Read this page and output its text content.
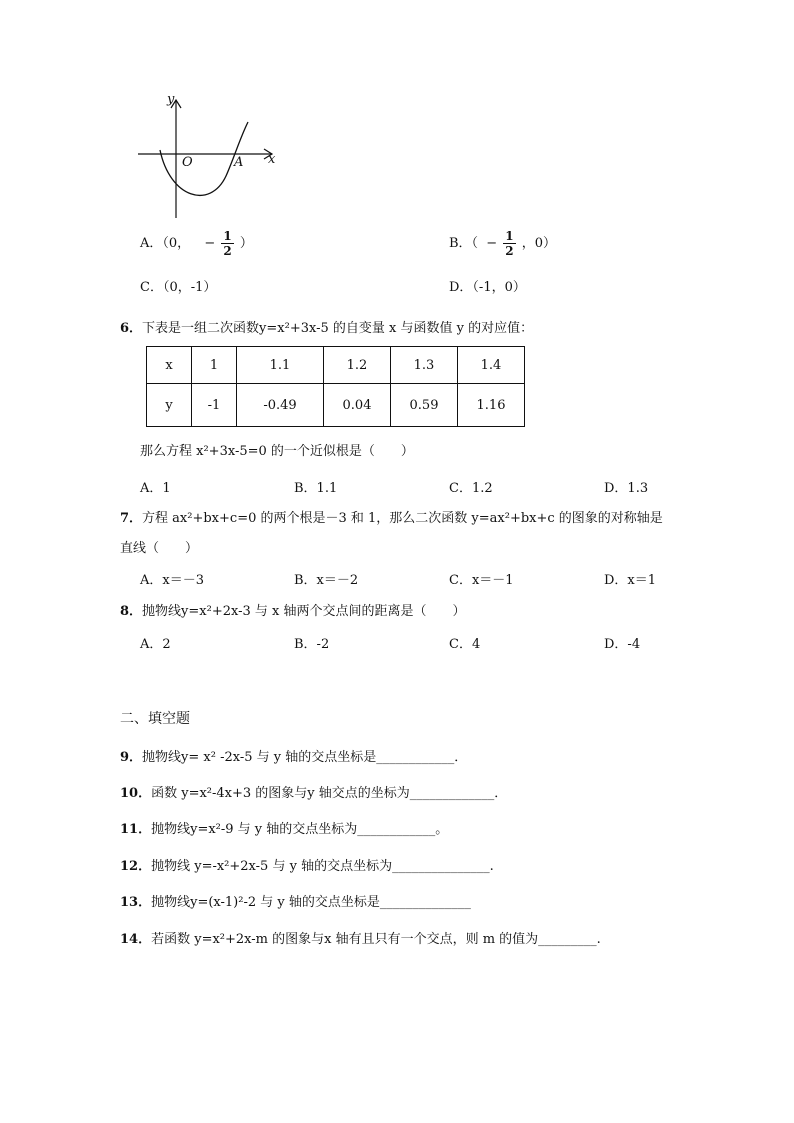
y
x
O	A
A．（0， − $\frac{1}{2}$ ）	B．（ − $\frac{1}{2}$ ，0）
C．（0，-1）	D．（-1，0）
6．下表是一组二次函数y=x²+3x-5 的自变量 x 与函数值 y 的对应值：
x	1	1.1	1.2	1.3	1.4
y	-1	-0.49	0.04	0.59	1.16
那么方程 x²+3x-5=0 的一个近似根是（　　）
A．1	B．1.1	C．1.2	D．1.3
7．方程 ax²+bx+c=0 的两个根是－3 和 1，那么二次函数 y=ax²+bx+c 的图象的对称轴是
直线（　　）
A．x＝－3	B．x＝－2	C．x＝－1	D．x＝1
8．抛物线y=x²+2x-3 与 x 轴两个交点间的距离是（　　）
A．2	B．-2	C．4	D．-4
二、填空题
9．抛物线y= x² -2x-5 与 y 轴的交点坐标是____________．
10．函数 y=x²-4x+3 的图象与y 轴交点的坐标为_____________．
11．抛物线y=x²-9 与 y 轴的交点坐标为____________。
12．抛物线 y=-x²+2x-5 与 y 轴的交点坐标为_______________.
13．抛物线y=(x-1)²-2 与 y 轴的交点坐标是______________
14．若函数 y=x²+2x-m 的图象与x 轴有且只有一个交点，则 m 的值为_________.
